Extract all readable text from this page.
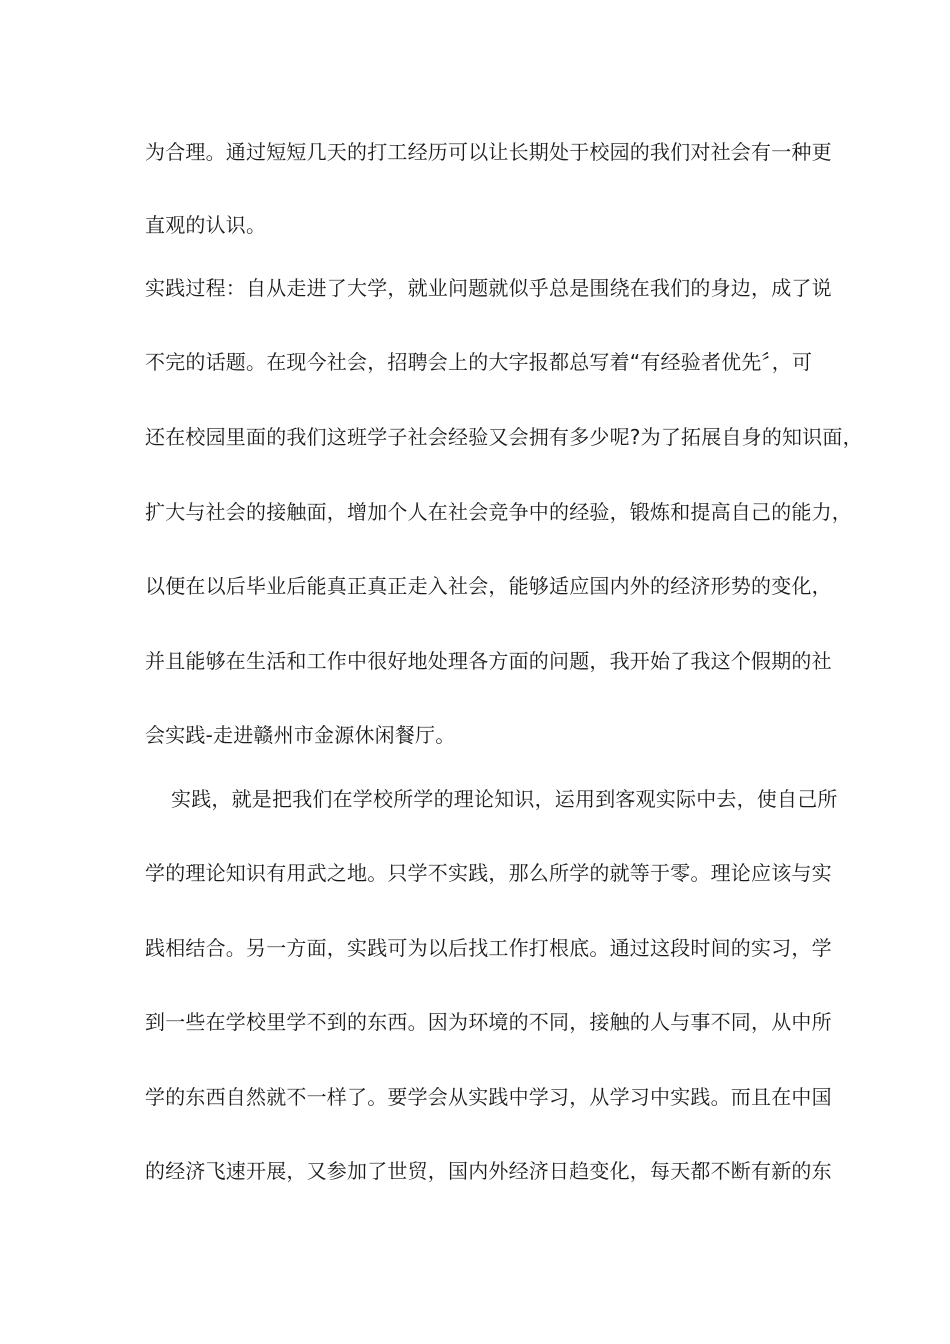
为合理。通过短短几天的打工经历可以让长期处于校园的我们对社会有一种更

直观的认识。

实践过程：自从走进了大学，就业问题就似乎总是围绕在我们的身边，成了说

不完的话题。在现今社会，招聘会上的大字报都总写着“有经验者优先〞，可

还在校园里面的我们这班学子社会经验又会拥有多少呢?为了拓展自身的知识面，

扩大与社会的接触面，增加个人在社会竞争中的经验，锻炼和提高自己的能力，

以便在以后毕业后能真正真正走入社会，能够适应国内外的经济形势的变化，

并且能够在生活和工作中很好地处理各方面的问题，我开始了我这个假期的社

会实践-走进赣州市金源休闲餐厅。

实践，就是把我们在学校所学的理论知识，运用到客观实际中去，使自己所

学的理论知识有用武之地。只学不实践，那么所学的就等于零。理论应该与实

践相结合。另一方面，实践可为以后找工作打根底。通过这段时间的实习，学

到一些在学校里学不到的东西。因为环境的不同，接触的人与事不同，从中所

学的东西自然就不一样了。要学会从实践中学习，从学习中实践。而且在中国

的经济飞速开展，又参加了世贸，国内外经济日趋变化，每天都不断有新的东
